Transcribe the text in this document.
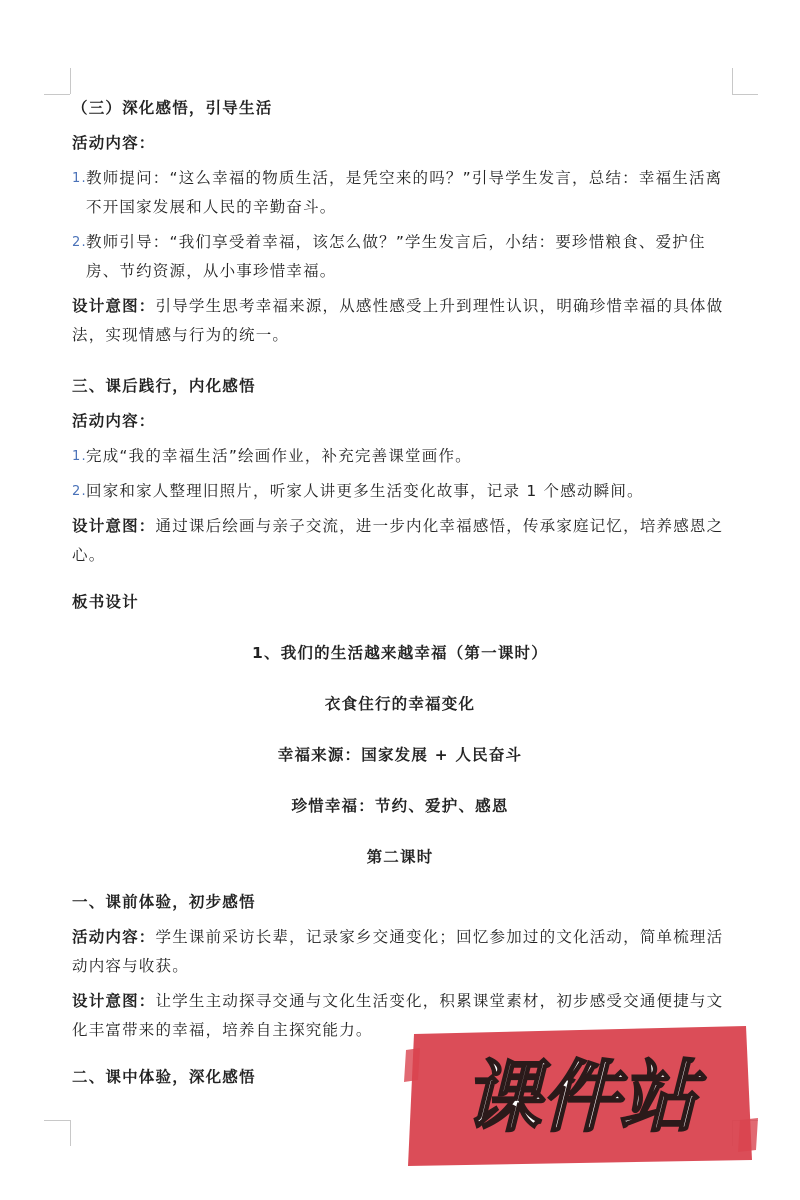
（三）深化感悟，引导生活

活动内容：

1. 教师提问：“这么幸福的物质生活，是凭空来的吗？”引导学生发言，总结：幸福生活离不开国家发展和人民的辛勤奋斗。
2. 教师引导：“我们享受着幸福，该怎么做？”学生发言后，小结：要珍惜粮食、爱护住房、节约资源，从小事珍惜幸福。

设计意图：引导学生思考幸福来源，从感性感受上升到理性认识，明确珍惜幸福的具体做法，实现情感与行为的统一。

三、课后践行，内化感悟

活动内容：

1. 完成“我的幸福生活”绘画作业，补充完善课堂画作。
2. 回家和家人整理旧照片，听家人讲更多生活变化故事，记录 1 个感动瞬间。

设计意图：通过课后绘画与亲子交流，进一步内化幸福感悟，传承家庭记忆，培养感恩之心。

板书设计

1、我们的生活越来越幸福（第一课时）

衣食住行的幸福变化

幸福来源：国家发展 + 人民奋斗

珍惜幸福：节约、爱护、感恩

第二课时

一、课前体验，初步感悟

活动内容：学生课前采访长辈，记录家乡交通变化；回忆参加过的文化活动，简单梳理活动内容与收获。

设计意图：让学生主动探寻交通与文化生活变化，积累课堂素材，初步感受交通便捷与文化丰富带来的幸福，培养自主探究能力。

二、课中体验，深化感悟	课件站
